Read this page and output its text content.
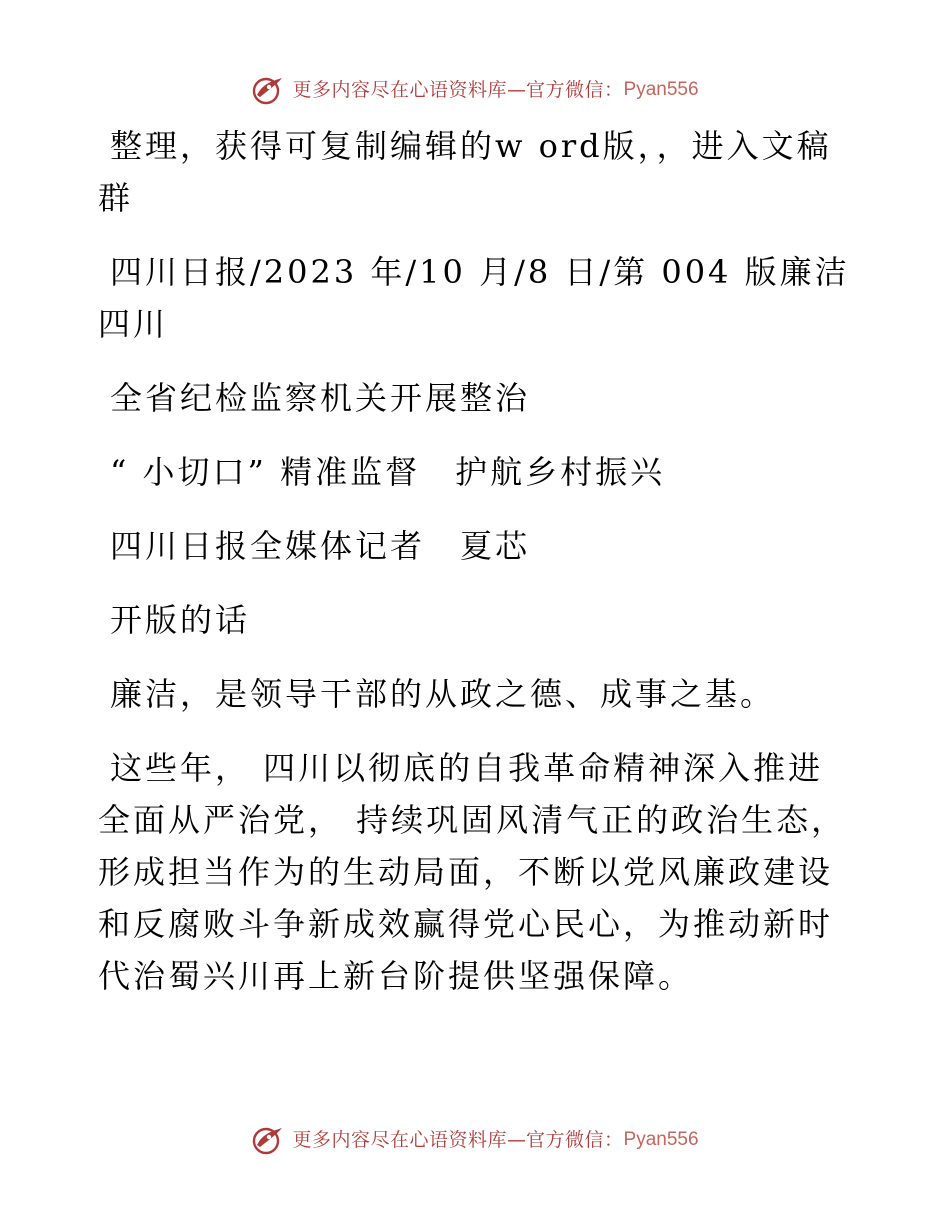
更多内容尽在心语资料库—官方微信：Pyan556

整理，获得可复制编辑的w ord版，，进入文稿群

四川日报/2023 年/10 月/8 日/第 004 版廉洁四川

全省纪检监察机关开展整治

“ 小切口” 精准监督　护航乡村振兴

四川日报全媒体记者　夏芯

开版的话

廉洁，是领导干部的从政之德、成事之基。

这些年， 四川以彻底的自我革命精神深入推进全面从严治党， 持续巩固风清气正的政治生态，形成担当作为的生动局面，不断以党风廉政建设和反腐败斗争新成效赢得党心民心，为推动新时代治蜀兴川再上新台阶提供坚强保障。

更多内容尽在心语资料库—官方微信：Pyan556
